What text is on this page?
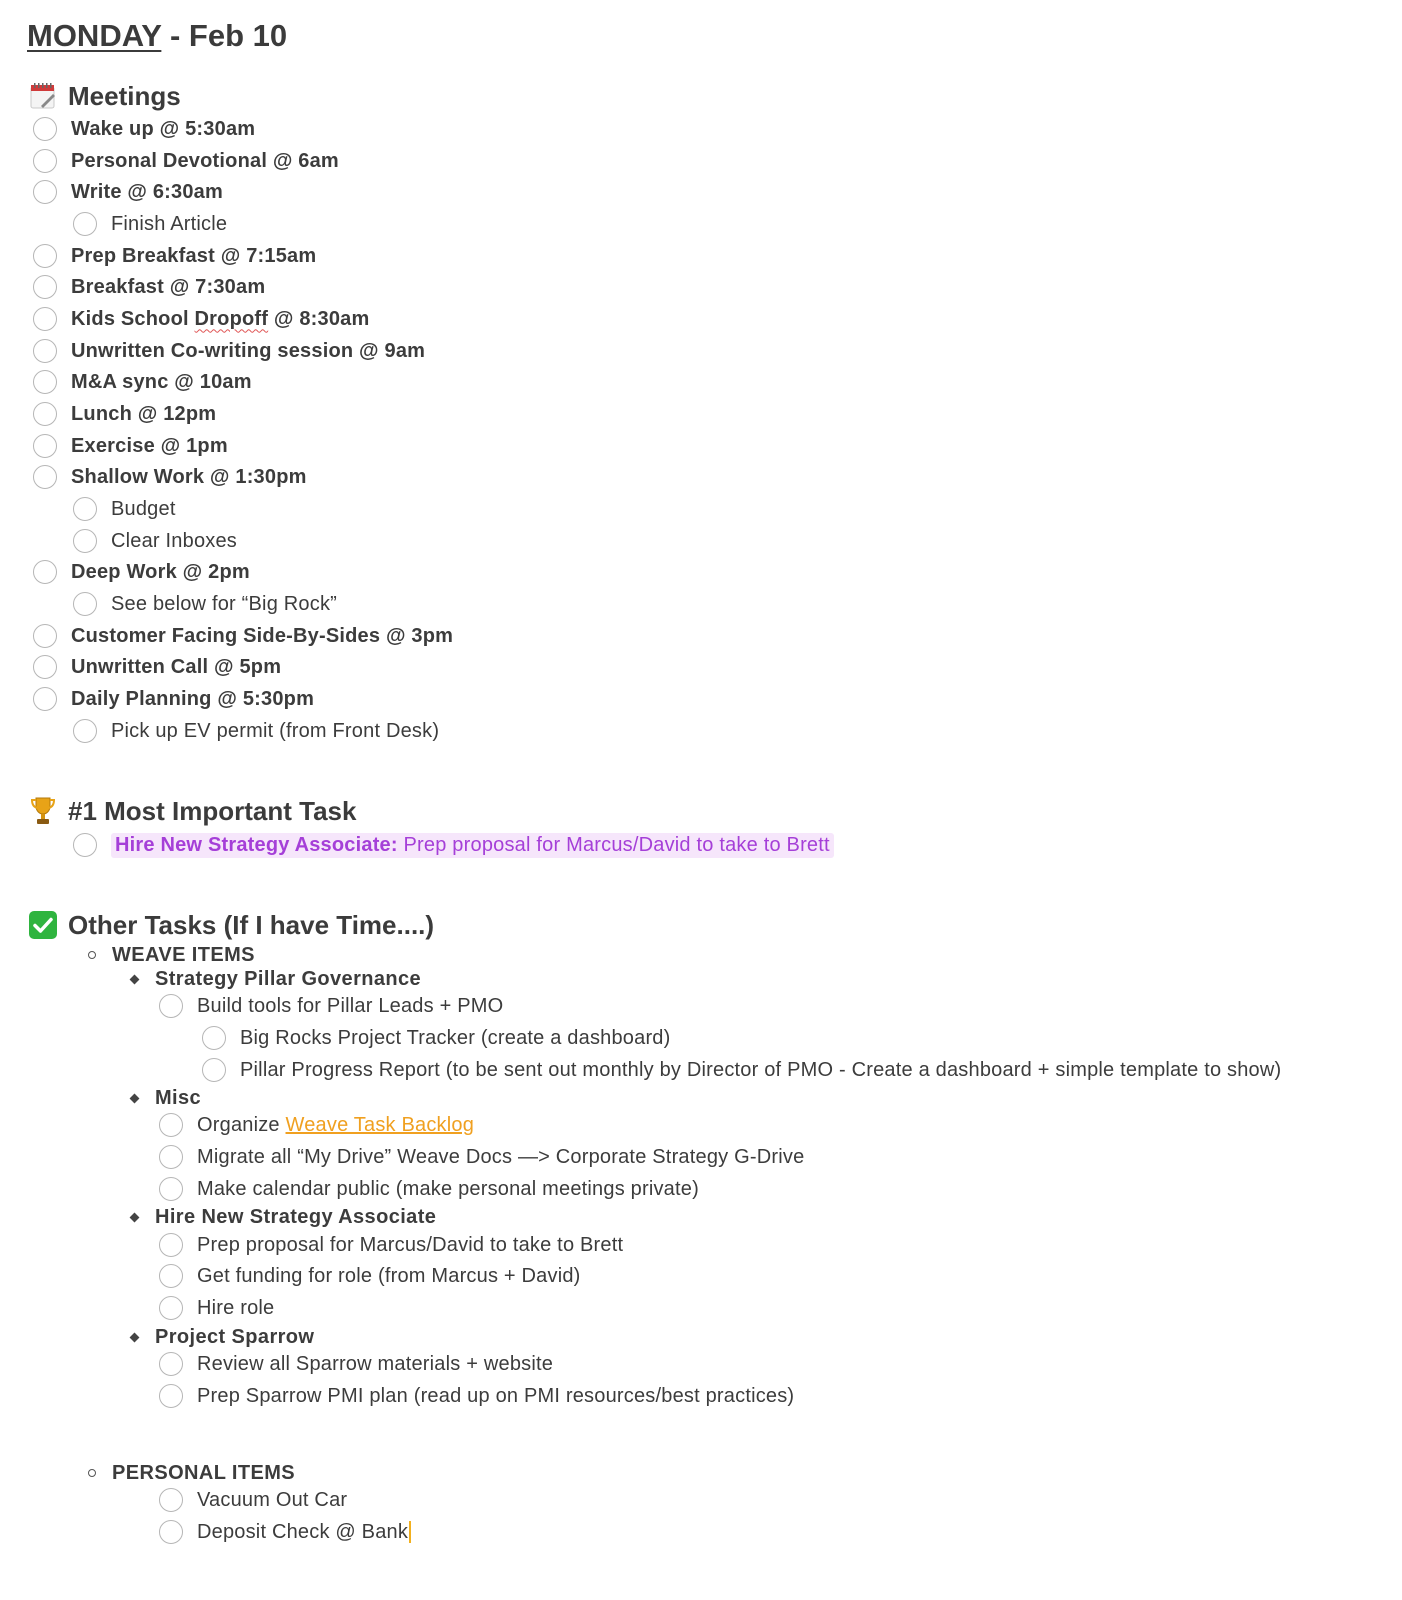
MONDAY - Feb 10
Meetings
Wake up @ 5:30am
Personal Devotional @ 6am
Write @ 6:30am
Finish Article
Prep Breakfast @ 7:15am
Breakfast @ 7:30am
Kids School Dropoff @ 8:30am
Unwritten Co-writing session @ 9am
M&A sync @ 10am
Lunch @ 12pm
Exercise @ 1pm
Shallow Work @ 1:30pm
Budget
Clear Inboxes
Deep Work @ 2pm
See below for “Big Rock”
Customer Facing Side-By-Sides @ 3pm
Unwritten Call @ 5pm
Daily Planning @ 5:30pm
Pick up EV permit (from Front Desk)
#1 Most Important Task
Hire New Strategy Associate: Prep proposal for Marcus/David to take to Brett
Other Tasks (If I have Time....)
WEAVE ITEMS
Strategy Pillar Governance
Build tools for Pillar Leads + PMO
Big Rocks Project Tracker (create a dashboard)
Pillar Progress Report (to be sent out monthly by Director of PMO - Create a dashboard + simple template to show)
Misc
Organize Weave Task Backlog
Migrate all “My Drive” Weave Docs —> Corporate Strategy G-Drive
Make calendar public (make personal meetings private)
Hire New Strategy Associate
Prep proposal for Marcus/David to take to Brett
Get funding for role (from Marcus + David)
Hire role
Project Sparrow
Review all Sparrow materials + website
Prep Sparrow PMI plan (read up on PMI resources/best practices)
PERSONAL ITEMS
Vacuum Out Car
Deposit Check @ Bank
